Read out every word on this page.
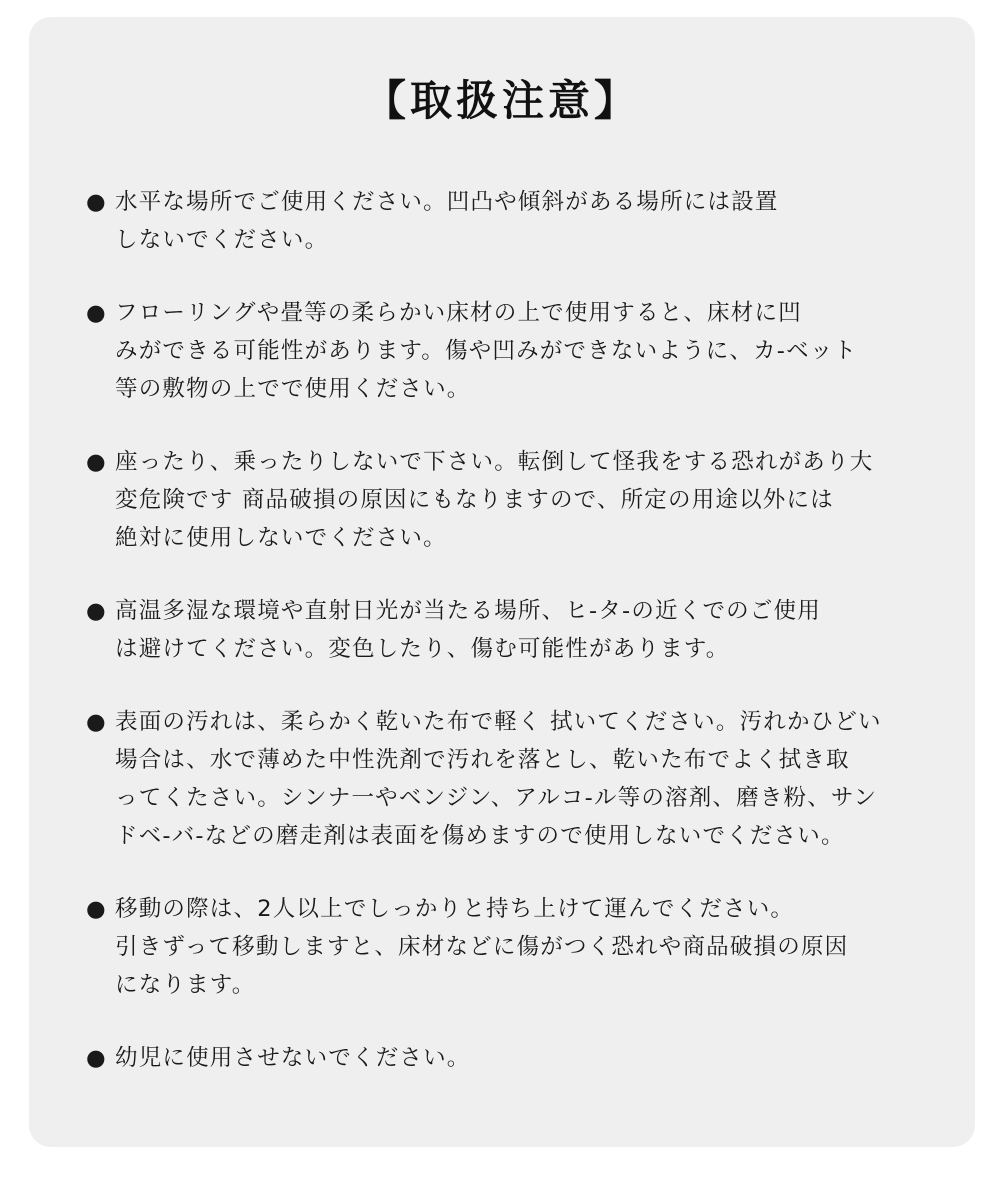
【取扱注意】
● 水平な場所でご使用ください。凹凸や傾斜がある場所には設置
しないでください。
● フローリングや畳等の柔らかい床材の上で使用すると、床材に凹
みができる可能性があります。傷や凹みができないように、カ-ベット
等の敷物の上でで使用ください。
● 座ったり、乗ったりしないで下さい。転倒して怪我をする恐れがあり大
変危険です 商品破損の原因にもなりますので、所定の用途以外には
絶対に使用しないでください。
● 高温多湿な環境や直射日光が当たる場所、ヒ-タ-の近くでのご使用
は避けてください。変色したり、傷む可能性があります。
● 表面の汚れは、柔らかく乾いた布で軽く 拭いてください。汚れかひどい
場合は、水で薄めた中性洗剤で汚れを落とし、乾いた布でよく拭き取
ってくたさい。シンナ一やベンジン、アルコ-ル等の溶剤、磨き粉、サン
ドベ-バ-などの磨走剤は表面を傷めますので使用しないでください。
● 移動の際は、2人以上でしっかりと持ち上けて運んでください。
引きずって移動しますと、床材などに傷がつく恐れや商品破損の原因
になります。
● 幼児に使用させないでください。
